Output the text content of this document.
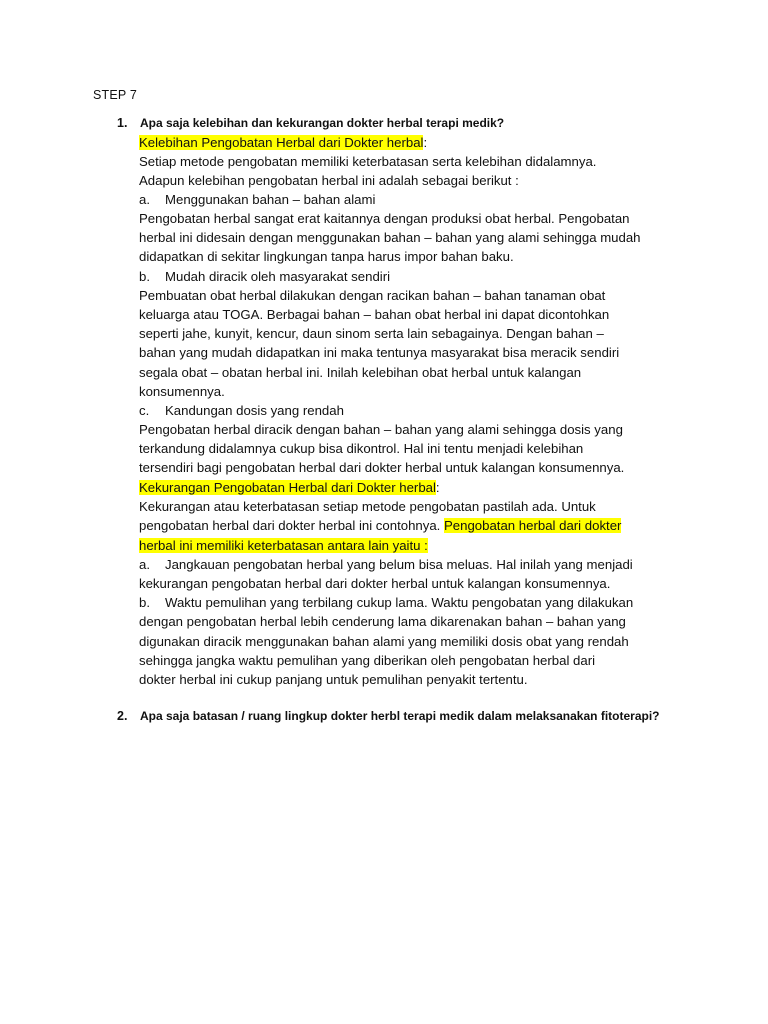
STEP 7
1. Apa saja kelebihan dan kekurangan dokter herbal terapi medik?
Kelebihan Pengobatan Herbal dari Dokter herbal:
Setiap metode pengobatan memiliki keterbatasan serta kelebihan didalamnya.
Adapun kelebihan pengobatan herbal ini adalah sebagai berikut :
a. Menggunakan bahan – bahan alami
Pengobatan herbal sangat erat kaitannya dengan produksi obat herbal. Pengobatan
herbal ini didesain dengan menggunakan bahan – bahan yang alami sehingga mudah
didapatkan di sekitar lingkungan tanpa harus impor bahan baku.
b. Mudah diracik oleh masyarakat sendiri
Pembuatan obat herbal dilakukan dengan racikan bahan – bahan tanaman obat
keluarga atau TOGA. Berbagai bahan – bahan obat herbal ini dapat dicontohkan
seperti jahe, kunyit, kencur, daun sinom serta lain sebagainya. Dengan bahan –
bahan yang mudah didapatkan ini maka tentunya masyarakat bisa meracik sendiri
segala obat – obatan herbal ini. Inilah kelebihan obat herbal untuk kalangan
konsumennya.
c. Kandungan dosis yang rendah
Pengobatan herbal diracik dengan bahan – bahan yang alami sehingga dosis yang
terkandung didalamnya cukup bisa dikontrol. Hal ini tentu menjadi kelebihan
tersendiri bagi pengobatan herbal dari dokter herbal untuk kalangan konsumennya.
Kekurangan Pengobatan Herbal dari Dokter herbal:
Kekurangan atau keterbatasan setiap metode pengobatan pastilah ada. Untuk
pengobatan herbal dari dokter herbal ini contohnya. Pengobatan herbal dari dokter
herbal ini memiliki keterbatasan antara lain yaitu :
a. Jangkauan pengobatan herbal yang belum bisa meluas. Hal inilah yang menjadi
kekurangan pengobatan herbal dari dokter herbal untuk kalangan konsumennya.
b. Waktu pemulihan yang terbilang cukup lama. Waktu pengobatan yang dilakukan
dengan pengobatan herbal lebih cenderung lama dikarenakan bahan – bahan yang
digunakan diracik menggunakan bahan alami yang memiliki dosis obat yang rendah
sehingga jangka waktu pemulihan yang diberikan oleh pengobatan herbal dari
dokter herbal ini cukup panjang untuk pemulihan penyakit tertentu.
2. Apa saja batasan / ruang lingkup dokter herbl terapi medik dalam melaksanakan fitoterapi?
